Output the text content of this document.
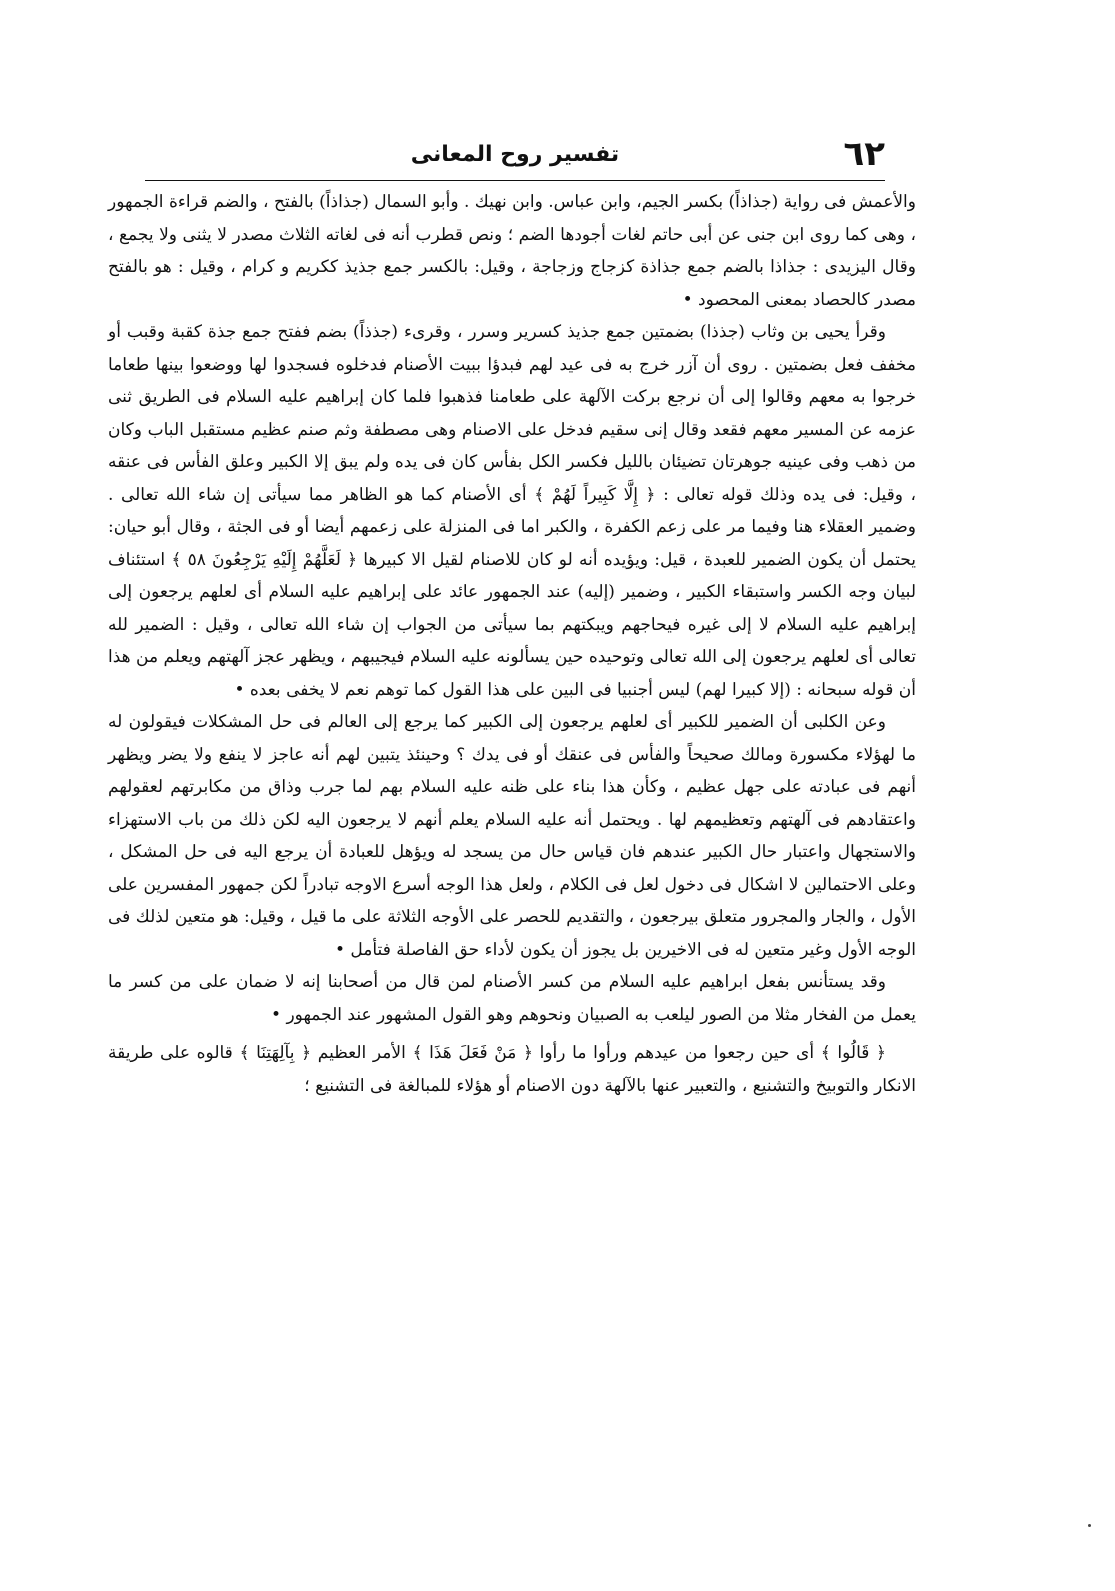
٦٢
تفسير روح المعانى

والأعمش فى رواية (جذاذاً) بكسر الجيم، وابن عباس. وابن نهيك . وأبو السمال (جذاذاً) بالفتح ، والضم قراءة الجمهور ، وهى كما روى ابن جنى عن أبى حاتم لغات أجودها الضم ؛ ونص قطرب أنه فى لغاته الثلاث مصدر لا يثنى ولا يجمع ، وقال اليزيدى : جذاذا بالضم جمع جذاذة كزجاج وزجاجة ، وقيل: بالكسر جمع جذيذ ككريم و كرام ، وقيل : هو بالفتح مصدر كالحصاد بمعنى المحصود •

وقرأ يحيى بن وثاب (جذذا) بضمتين جمع جذيذ كسرير وسرر ، وقرىء (جذذاً) بضم ففتح جمع جذة كقبة وقبب أو مخفف فعل بضمتين . روى أن آزر خرج به فى عيد لهم فبدؤا ببيت الأصنام فدخلوه فسجدوا لها ووضعوا بينها طعاما خرجوا به معهم وقالوا إلى أن نرجع بركت الآلهة على طعامنا فذهبوا فلما كان إبراهيم عليه السلام فى الطريق ثنى عزمه عن المسير معهم فقعد وقال إنى سقيم فدخل على الاصنام وهى مصطفة وثم صنم عظيم مستقبل الباب وكان من ذهب وفى عينيه جوهرتان تضيئان بالليل فكسر الكل بفأس كان فى يده ولم يبق إلا الكبير وعلق الفأس فى عنقه ، وقيل: فى يده وذلك قوله تعالى : ﴿ إِلَّا كَبِيراً لَهُمْ ﴾ أى الأصنام كما هو الظاهر مما سيأتى إن شاء الله تعالى . وضمير العقلاء هنا وفيما مر على زعم الكفرة ، والكبر اما فى المنزلة على زعمهم أيضا أو فى الجثة ، وقال أبو حيان: يحتمل أن يكون الضمير للعبدة ، قيل: ويؤيده أنه لو كان للاصنام لقيل الا كبيرها ﴿ لَعَلَّهُمْ إِلَيْهِ يَرْجِعُونَ ٥٨ ﴾ استئناف لبيان وجه الكسر واستبقاء الكبير ، وضمير (إليه) عند الجمهور عائد على إبراهيم عليه السلام أى لعلهم يرجعون إلى إبراهيم عليه السلام لا إلى غيره فيحاجهم ويبكتهم بما سيأتى من الجواب إن شاء الله تعالى ، وقيل : الضمير لله تعالى أى لعلهم يرجعون إلى الله تعالى وتوحيده حين يسألونه عليه السلام فيجيبهم ، ويظهر عجز آلهتهم ويعلم من هذا أن قوله سبحانه : (إلا كبيرا لهم) ليس أجنبيا فى البين على هذا القول كما توهم نعم لا يخفى بعده •

وعن الكلبى أن الضمير للكبير أى لعلهم يرجعون إلى الكبير كما يرجع إلى العالم فى حل المشكلات فيقولون له ما لهؤلاء مكسورة ومالك صحيحاً والفأس فى عنقك أو فى يدك ؟ وحينئذ يتبين لهم أنه عاجز لا ينفع ولا يضر ويظهر أنهم فى عبادته على جهل عظيم ، وكأن هذا بناء على ظنه عليه السلام بهم لما جرب وذاق من مكابرتهم لعقولهم واعتقادهم فى آلهتهم وتعظيمهم لها . ويحتمل أنه عليه السلام يعلم أنهم لا يرجعون اليه لكن ذلك من باب الاستهزاء والاستجهال واعتبار حال الكبير عندهم فان قياس حال من يسجد له ويؤهل للعبادة أن يرجع اليه فى حل المشكل ، وعلى الاحتمالين لا اشكال فى دخول لعل فى الكلام ، ولعل هذا الوجه أسرع الاوجه تبادراً لكن جمهور المفسرين على الأول ، والجار والمجرور متعلق بيرجعون ، والتقديم للحصر على الأوجه الثلاثة على ما قيل ، وقيل: هو متعين لذلك فى الوجه الأول وغير متعين له فى الاخيرين بل يجوز أن يكون لأداء حق الفاصلة فتأمل •

وقد يستأنس بفعل ابراهيم عليه السلام من كسر الأصنام لمن قال من أصحابنا إنه لا ضمان على من كسر ما يعمل من الفخار مثلا من الصور ليلعب به الصبيان ونحوهم وهو القول المشهور عند الجمهور •

﴿ قَالُوا ﴾ أى حين رجعوا من عيدهم ورأوا ما رأوا ﴿ مَنْ فَعَلَ هَذَا ﴾ الأمر العظيم ﴿ بِآلِهَتِنَا ﴾ قالوه على طريقة الانكار والتوبيخ والتشنيع ، والتعبير عنها بالآلهة دون الاصنام أو هؤلاء للمبالغة فى التشنيع ؛
